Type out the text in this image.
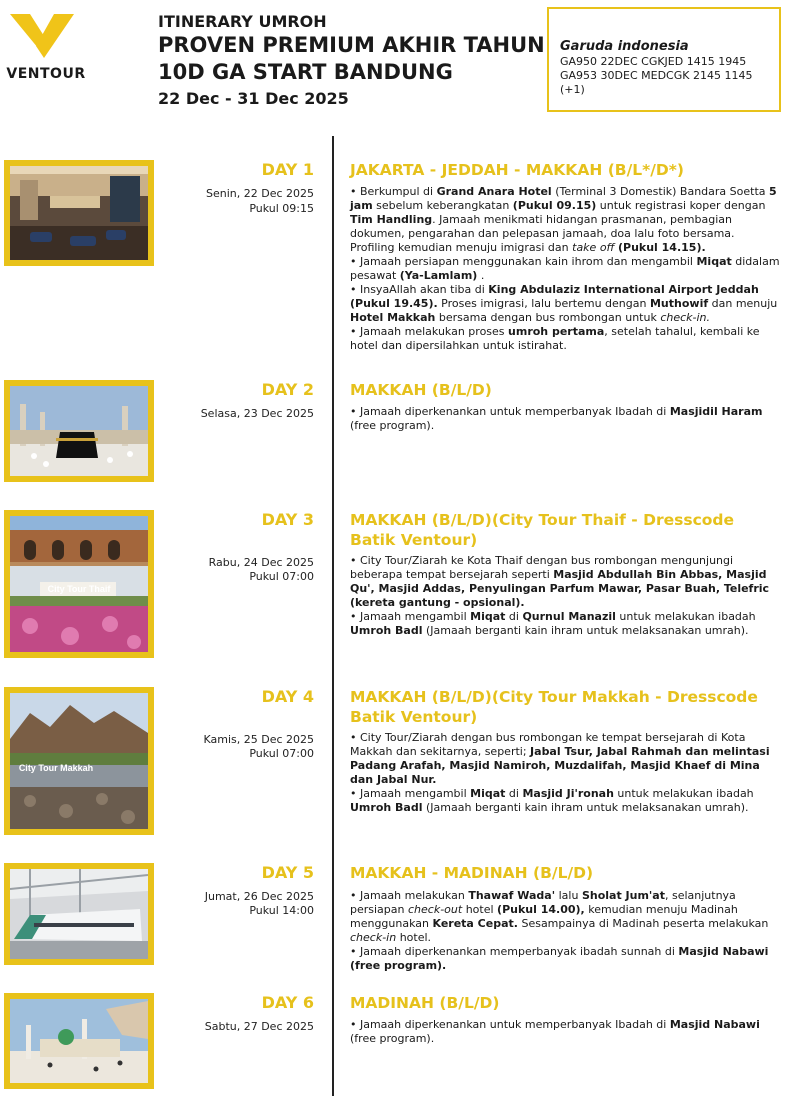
VENTOUR
ITINERARY UMROH
PROVEN PREMIUM AKHIR TAHUN
10D GA START BANDUNG
22 Dec - 31 Dec 2025
Garuda indonesia
GA950 22DEC CGKJED 1415 1945
GA953 30DEC MEDCGK 2145 1145 (+1)
DAY 1
Senin, 22 Dec 2025
Pukul 09:15
JAKARTA - JEDDAH - MAKKAH (B/L*/D*)

• Berkumpul di Grand Anara Hotel (Terminal 3 Domestik) Bandara Soetta 5 jam sebelum keberangkatan (Pukul 09.15) untuk registrasi koper dengan Tim Handling. Jamaah menikmati hidangan prasmanan, pembagian dokumen, pengarahan dan pelepasan jamaah, doa lalu foto bersama. Profiling kemudian menuju imigrasi dan take off (Pukul 14.15).

• Jamaah persiapan menggunakan kain ihrom dan mengambil Miqat didalam pesawat (Ya-Lamlam) .

• InsyaAllah akan tiba di King Abdulaziz International Airport Jeddah (Pukul 19.45). Proses imigrasi, lalu bertemu dengan Muthowif dan menuju Hotel Makkah bersama dengan bus rombongan untuk check-in.

• Jamaah melakukan proses umroh pertama, setelah tahalul, kembali ke hotel dan dipersilahkan untuk istirahat.

DAY 2
Selasa, 23 Dec 2025
MAKKAH (B/L/D)

• Jamaah diperkenankan untuk memperbanyak Ibadah di Masjidil Haram (free program).

City Tour Thaif
DAY 3
Rabu, 24 Dec 2025
Pukul 07:00
MAKKAH (B/L/D)(City Tour Thaif - Dresscode Batik Ventour)

• City Tour/Ziarah ke Kota Thaif dengan bus rombongan mengunjungi beberapa tempat bersejarah seperti Masjid Abdullah Bin Abbas, Masjid Qu', Masjid Addas, Penyulingan Parfum Mawar, Pasar Buah, Telefric (kereta gantung - opsional).

• Jamaah mengambil Miqat di Qurnul Manazil untuk melakukan ibadah Umroh Badl (Jamaah berganti kain ihram untuk melaksanakan umrah).

City Tour Makkah
DAY 4
Kamis, 25 Dec 2025
Pukul 07:00
MAKKAH (B/L/D)(City Tour Makkah - Dresscode Batik Ventour)

• City Tour/Ziarah dengan bus rombongan ke tempat bersejarah di Kota Makkah dan sekitarnya, seperti; Jabal Tsur, Jabal Rahmah dan melintasi Padang Arafah, Masjid Namiroh, Muzdalifah, Masjid Khaef di Mina dan Jabal Nur.

• Jamaah mengambil Miqat di Masjid Ji'ronah untuk melakukan ibadah Umroh Badl (Jamaah berganti kain ihram untuk melaksanakan umrah).

DAY 5
Jumat, 26 Dec 2025
Pukul 14:00
MAKKAH - MADINAH (B/L/D)

• Jamaah melakukan Thawaf Wada' lalu Sholat Jum'at, selanjutnya persiapan check-out hotel (Pukul 14.00), kemudian menuju Madinah menggunakan Kereta Cepat. Sesampainya di Madinah peserta melakukan check-in hotel.

• Jamaah diperkenankan memperbanyak ibadah sunnah di Masjid Nabawi (free program).

DAY 6
Sabtu, 27 Dec 2025
MADINAH (B/L/D)

• Jamaah diperkenankan untuk memperbanyak Ibadah di Masjid Nabawi (free program).
